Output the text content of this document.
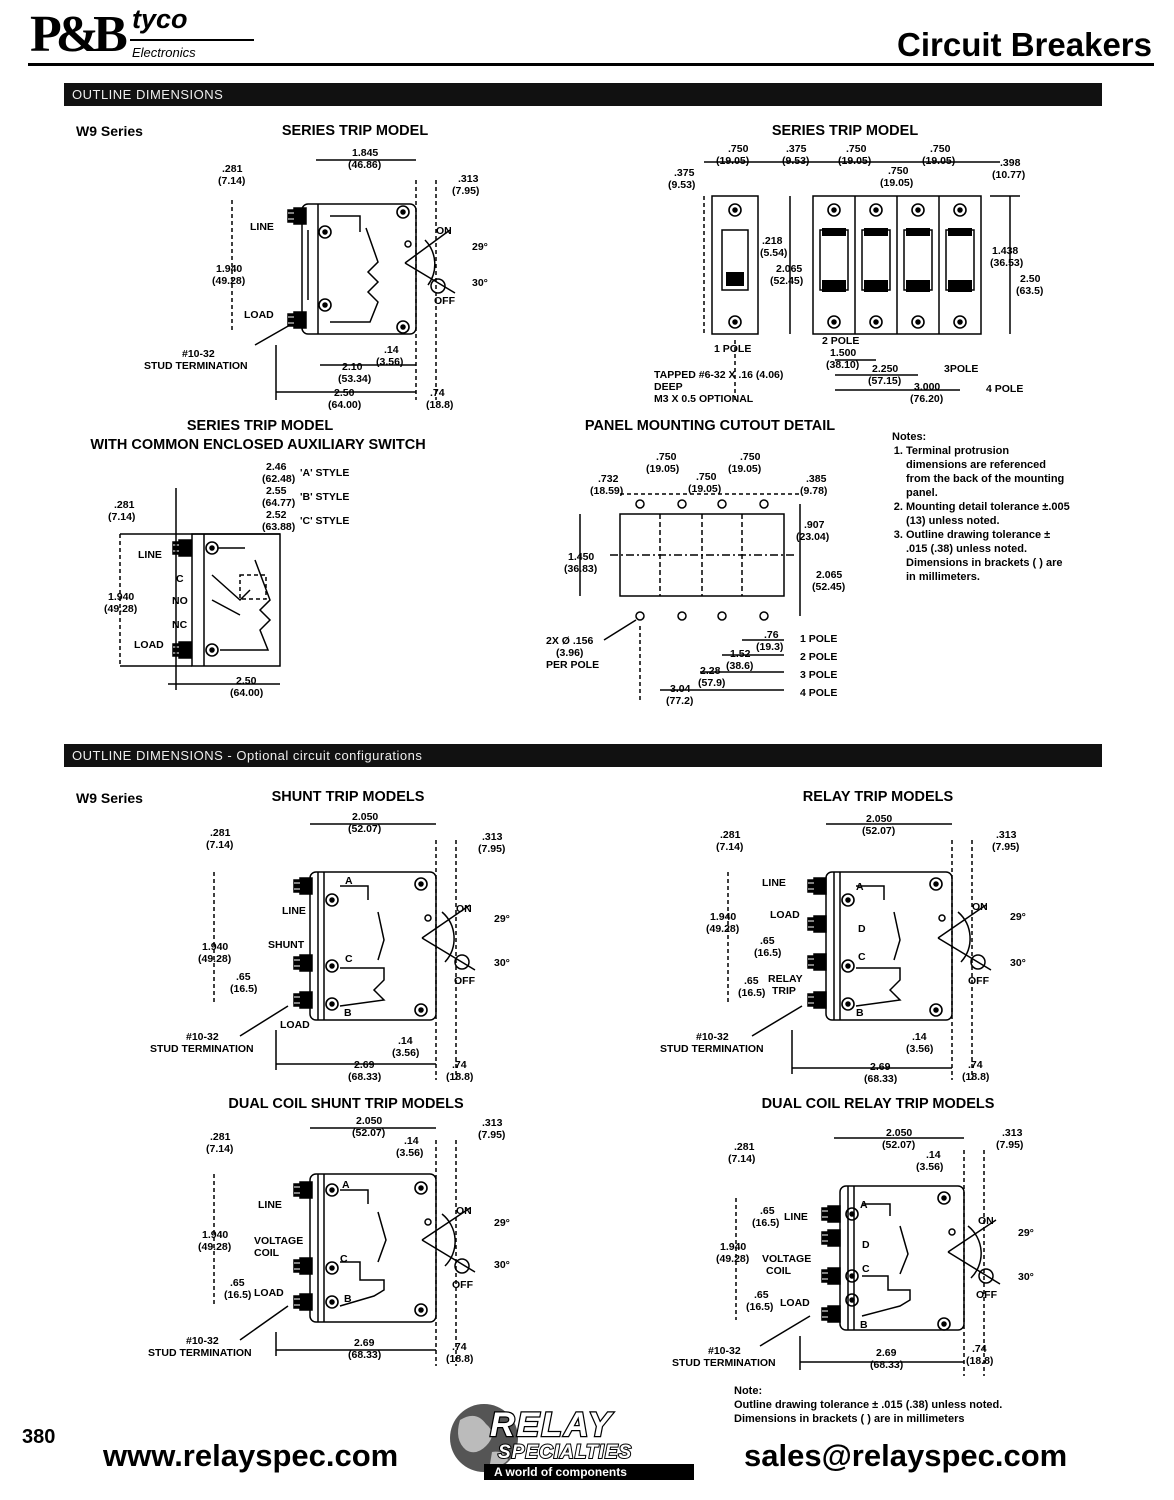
P&B tyco
Electronics	Circuit Breakers
OUTLINE DIMENSIONS
OUTLINE DIMENSIONS - Optional circuit configurations
W9 Series
W9 Series
SERIES TRIP MODEL	SERIES TRIP MODEL
SERIES TRIP MODEL
WITH COMMON ENCLOSED AUXILIARY SWITCH
PANEL MOUNTING CUTOUT DETAIL
SHUNT TRIP MODELS	RELAY TRIP MODELS
DUAL COIL SHUNT TRIP MODELS	DUAL COIL RELAY TRIP MODELS

Notes:

1. Terminal protrusion dimensions are referenced from the back of the mounting panel.
2. Mounting detail tolerance ±.005 (13) unless noted.
3. Outline drawing tolerance ± .015 (.38) unless noted. Dimensions in brackets ( ) are in millimeters.

Note:

Outline drawing tolerance ± .015 (.38) unless noted.

Dimensions in brackets ( ) are in millimeters

1.845
(46.86)
.281
(7.14)	.313
(7.95)
1.940
(49.28)
.14
(3.56)
2.10
(53.34)
2.50
(64.00)
.74
(18.8)
LINE
LOAD
ON
OFF
29°
30°
#10-32
STUD TERMINATION
.750
(19.05)
.375
(9.53)
.375
(9.53)
.750
(19.05)
.750
(19.05)
.750
(19.05)	.398
(10.77)
.218
(5.54)
2.065
(52.45)
1.438
(36.53)
2.50
(63.5)
1 POLE
2 POLE
1.500
(38.10) 2.250
(57.15)
3POLE
3.000
(76.20)
4 POLE
TAPPED #6-32 X .16 (4.06)
DEEP
M3 X 0.5 OPTIONAL
2.46
(62.48) 'A' STYLE
2.55
(64.77) 'B' STYLE
2.52
(63.88) 'C' STYLE
.281
(7.14)
1.940
(49.28)
2.50
(64.00)
LINE
LOAD
C
NO
NC
.750
(19.05)
.750
(19.05)
.750
(19.05)
.732
(18.59)
.385
(9.78)
.907
(23.04)
1.450
(36.83)	2.065
(52.45)
.76
(19.3)
1.52
(38.6)
2.28
(57.9)
3.04
(77.2)
2X Ø .156
(3.96)
PER POLE
1 POLE
2 POLE
3 POLE
4 POLE
2.050
(52.07)
.281
(7.14)
.313
(7.95)
1.940
(49.28)
.65
(16.5)
.14
(3.56)
2.69
(68.33)
.74
(18.8)
#10-32
STUD TERMINATION
LINE
SHUNT
LOAD
ON
OFF
29°
30°
A
C
B
2.050
(52.07)
.281
(7.14)
.313
(7.95)
1.940
(49.28)
.65
(16.5)
.65
(16.5)
.14
(3.56)
2.69
(68.33)
.74
(18.8)
#10-32
STUD TERMINATION
LINE
LOAD
RELAY
TRIP
ON
OFF
29°
30°
A
D
C
B
2.050
(52.07)
.14
(3.56)
.281
(7.14)
.313
(7.95)
1.940
(49.28)
.65
(16.5)
2.69
(68.33)
.74
(18.8)
#10-32
STUD TERMINATION
LINE
VOLTAGE
COIL
LOAD
ON
OFF
29°
30°
A
C
B
2.050
(52.07)
.14
(3.56)
.281
(7.14)
.313
(7.95)
1.940
(49.28)
.65
(16.5)
.65
(16.5)
2.69
(68.33)
.74
(18.8)
#10-32
STUD TERMINATION
LINE
VOLTAGE
COIL
LOAD
ON
OFF
29°
30°
A
D
C
B
380
www.relayspec.com	sales@relayspec.com
RELAY
SPECIALTIES
A world of components
